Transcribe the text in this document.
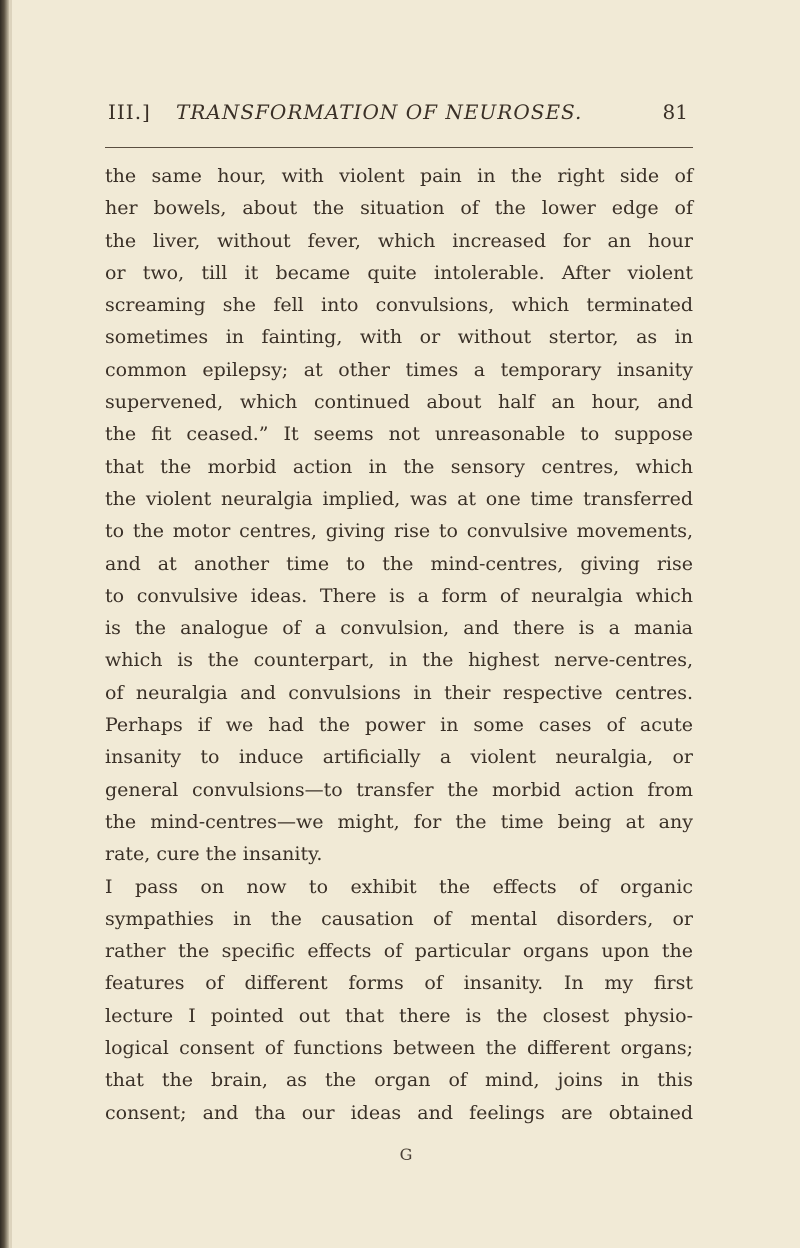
III.] TRANSFORMATION OF NEUROSES.	81
the same hour, with violent pain in the right side of
her bowels, about the situation of the lower edge of
the liver, without fever, which increased for an hour
or two, till it became quite intolerable. After violent
screaming she fell into convulsions, which terminated
sometimes in fainting, with or without stertor, as in
common epilepsy; at other times a temporary insanity
supervened, which continued about half an hour, and
the fit ceased.” It seems not unreasonable to suppose
that the morbid action in the sensory centres, which
the violent neuralgia implied, was at one time transferred
to the motor centres, giving rise to convulsive movements,
and at another time to the mind-centres, giving rise
to convulsive ideas. There is a form of neuralgia which
is the analogue of a convulsion, and there is a mania
which is the counterpart, in the highest nerve-centres,
of neuralgia and convulsions in their respective centres.
Perhaps if we had the power in some cases of acute
insanity to induce artificially a violent neuralgia, or
general convulsions—to transfer the morbid action from
the mind-centres—we might, for the time being at any
rate, cure the insanity.
I pass on now to exhibit the effects of organic
sympathies in the causation of mental disorders, or
rather the specific effects of particular organs upon the
features of different forms of insanity. In my first
lecture I pointed out that there is the closest physio-
logical consent of functions between the different organs;
that the brain, as the organ of mind, joins in this
consent; and tha our ideas and feelings are obtained
G
